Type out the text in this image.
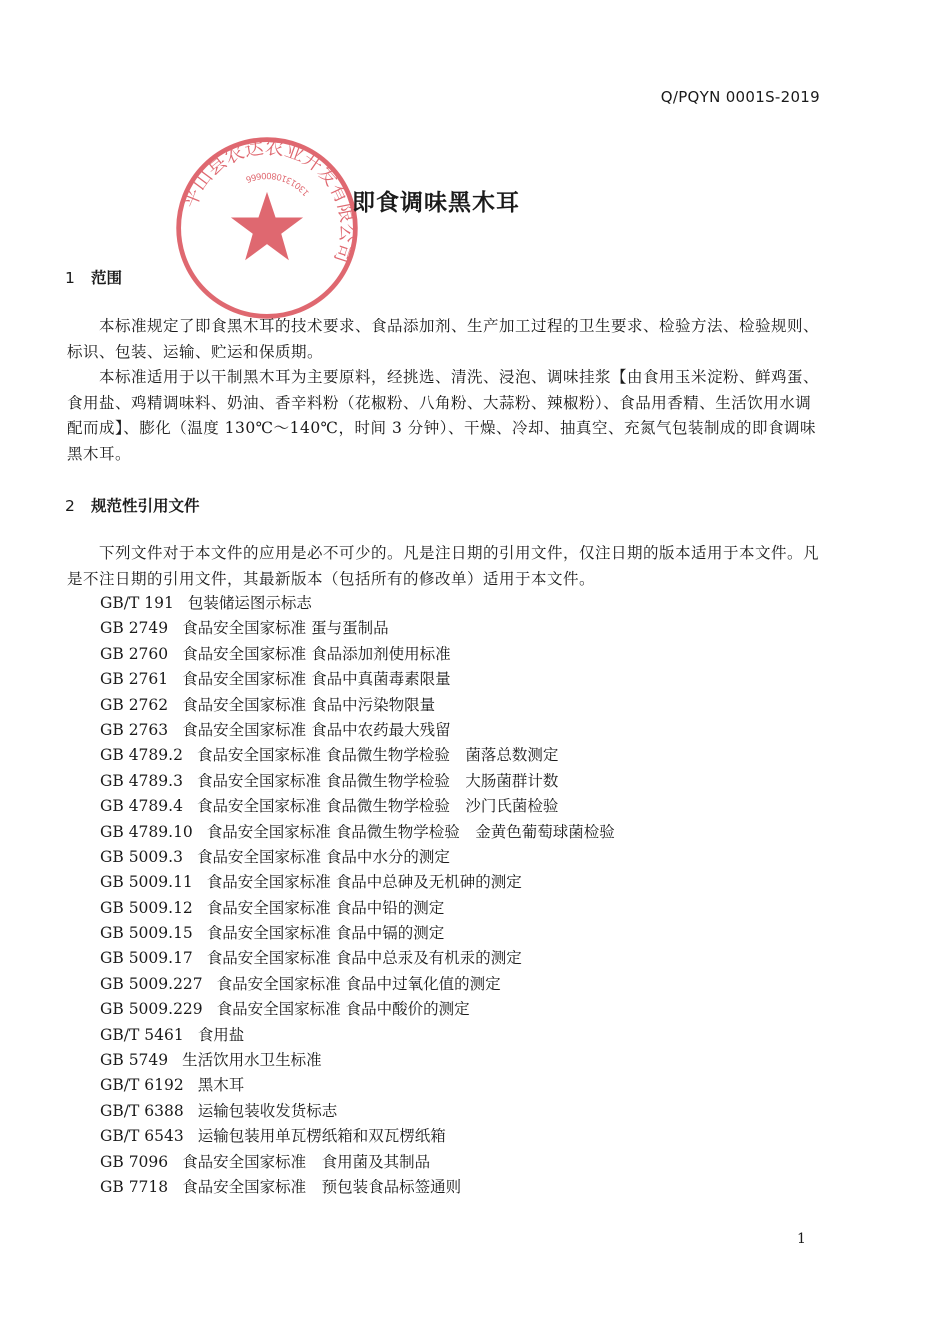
Q/PQYN 0001S-2019
平山县农达农业开发有限公司
1301310800666
即食调味黑木耳
1 范围

本标准规定了即食黑木耳的技术要求、食品添加剂、生产加工过程的卫生要求、检验方法、检验规则、标识、包装、运输、贮运和保质期。

本标准适用于以干制黑木耳为主要原料，经挑选、清洗、浸泡、调味挂浆【由食用玉米淀粉、鲜鸡蛋、食用盐、鸡精调味料、奶油、香辛料粉（花椒粉、八角粉、大蒜粉、辣椒粉）、食品用香精、生活饮用水调配而成】、膨化（温度 130℃～140℃，时间 3 分钟）、干燥、冷却、抽真空、充氮气包装制成的即食调味黑木耳。

2 规范性引用文件

下列文件对于本文件的应用是必不可少的。凡是注日期的引用文件，仅注日期的版本适用于本文件。凡是不注日期的引用文件，其最新版本（包括所有的修改单）适用于本文件。

GB/T 191 包装储运图示标志
GB 2749 食品安全国家标准 蛋与蛋制品
GB 2760 食品安全国家标准 食品添加剂使用标准
GB 2761 食品安全国家标准 食品中真菌毒素限量
GB 2762 食品安全国家标准 食品中污染物限量
GB 2763 食品安全国家标准 食品中农药最大残留
GB 4789.2 食品安全国家标准 食品微生物学检验　菌落总数测定
GB 4789.3 食品安全国家标准 食品微生物学检验　大肠菌群计数
GB 4789.4 食品安全国家标准 食品微生物学检验　沙门氏菌检验
GB 4789.10 食品安全国家标准 食品微生物学检验　金黄色葡萄球菌检验
GB 5009.3 食品安全国家标准 食品中水分的测定
GB 5009.11 食品安全国家标准 食品中总砷及无机砷的测定
GB 5009.12 食品安全国家标准 食品中铅的测定
GB 5009.15 食品安全国家标准 食品中镉的测定
GB 5009.17 食品安全国家标准 食品中总汞及有机汞的测定
GB 5009.227 食品安全国家标准 食品中过氧化值的测定
GB 5009.229 食品安全国家标准 食品中酸价的测定
GB/T 5461 食用盐
GB 5749 生活饮用水卫生标准
GB/T 6192 黑木耳
GB/T 6388 运输包装收发货标志
GB/T 6543 运输包装用单瓦楞纸箱和双瓦楞纸箱
GB 7096 食品安全国家标准　食用菌及其制品
GB 7718 食品安全国家标准　预包装食品标签通则
1
